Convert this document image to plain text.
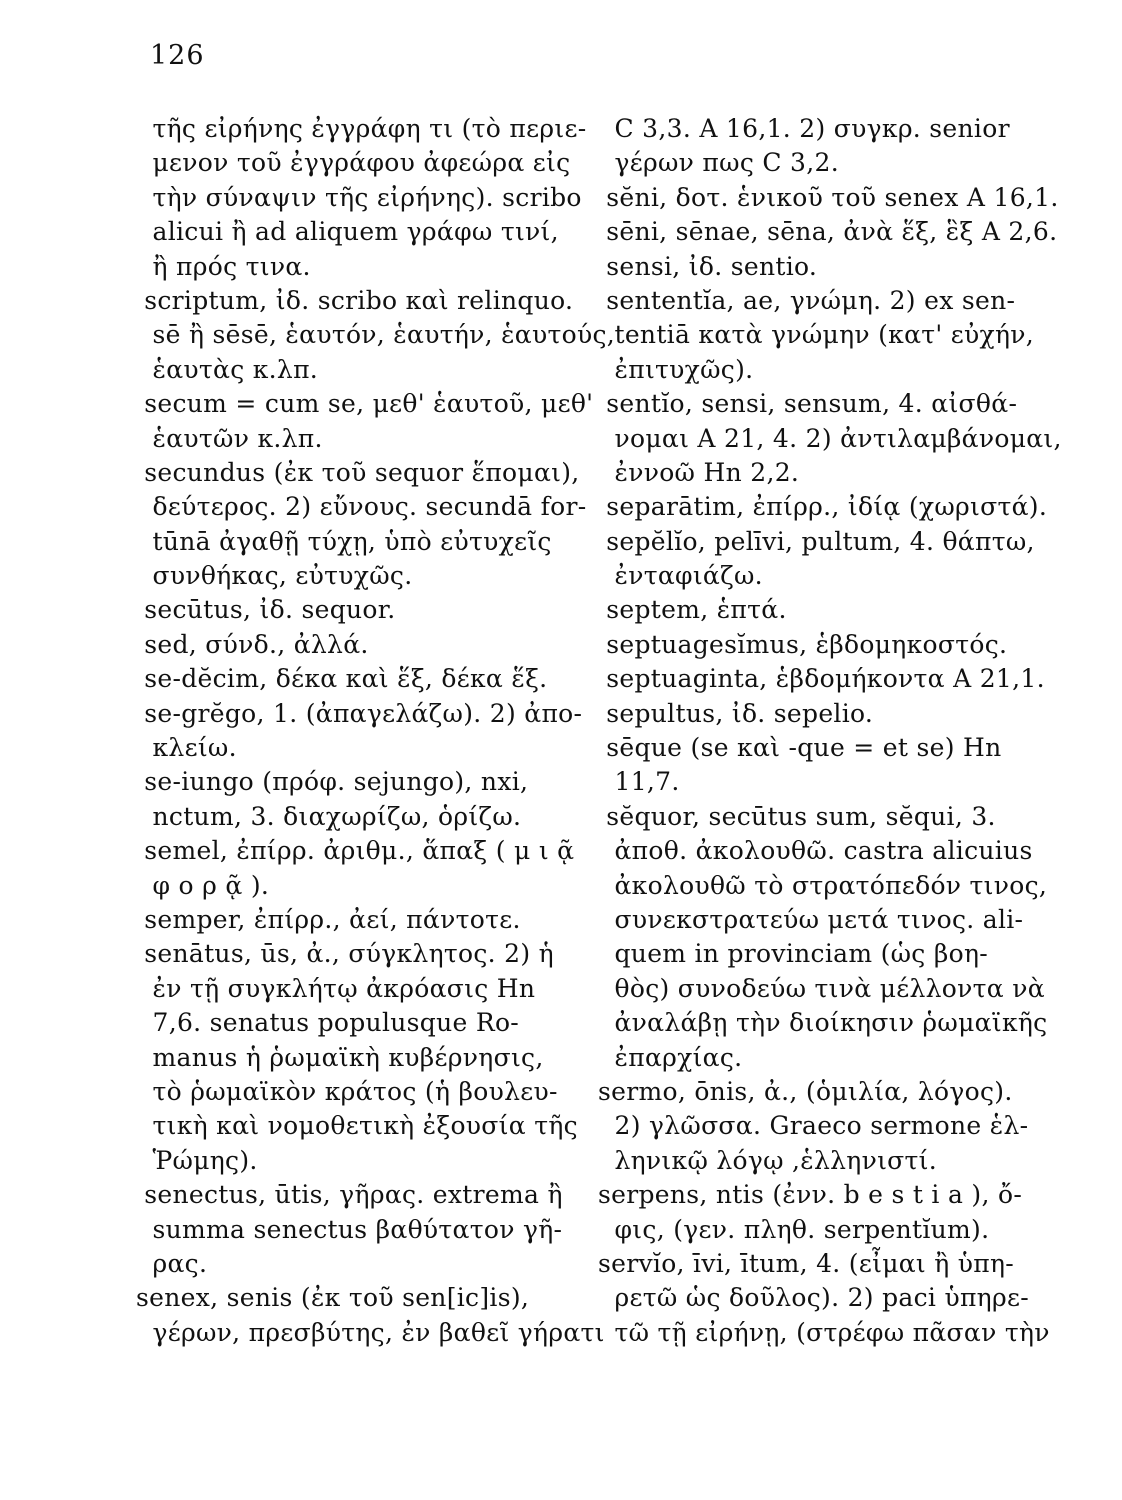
126
τῆς εἰρήνης ἐγγράφη τι (τὸ περιε-
μενον τοῦ ἐγγράφου ἀφεώρα εἰς
τὴν σύναψιν τῆς εἰρήνης). scribo
alicui ἢ ad aliquem γράφω τινί,
ἢ πρός τινα.
scriptum, ἰδ. scribo καὶ relinquo.
sē ἢ sēsē, ἑαυτόν, ἑαυτήν, ἑαυτούς,
ἑαυτὰς κ.λπ.
secum = cum se, μεθ' ἑαυτοῦ, μεθ'
ἑαυτῶν κ.λπ.
secundus (ἐκ τοῦ sequor ἕπομαι),
δεύτερος. 2) εὔνους. secundā for-
tūnā ἀγαθῇ τύχῃ, ὑπὸ εὐτυχεῖς
συνθήκας, εὐτυχῶς.
secūtus, ἰδ. sequor.
sed, σύνδ., ἀλλά.
se-dĕcim, δέκα καὶ ἕξ, δέκα ἕξ.
se-grĕgo, 1. (ἀπαγελάζω). 2) ἀπο-
κλείω.
se-iungo (πρόφ. sejungo), nxi,
nctum, 3. διαχωρίζω, ὁρίζω.
semel, ἐπίρρ. ἀριθμ., ἅπαξ ( μ ι ᾷ
φ ο ρ ᾷ ).
semper, ἐπίρρ., ἀεί, πάντοτε.
senātus, ūs, ἀ., σύγκλητος. 2) ἡ
ἐν τῇ συγκλήτῳ ἀκρόασις Hn
7,6. senatus populusque Ro-
manus ἡ ῥωμαϊκὴ κυβέρνησις,
τὸ ῥωμαϊκὸν κράτος (ἡ βουλευ-
τικὴ καὶ νομοθετικὴ ἐξουσία τῆς
Ῥώμης).
senectus, ūtis, γῆρας. extrema ἢ
summa senectus βαθύτατον γῆ-
ρας.
senex, senis (ἐκ τοῦ sen[ic]is),
γέρων, πρεσβύτης, ἐν βαθεῖ γήρατι
C 3,3. A 16,1. 2) συγκρ. senior
γέρων πως C 3,2.
sĕni, δοτ. ἑνικοῦ τοῦ senex A 16,1.
sēni, sēnae, sēna, ἀνὰ ἕξ, ἓξ A 2,6.
sensi, ἰδ. sentio.
sententĭa, ae, γνώμη. 2) ex sen-
tentiā κατὰ γνώμην (κατ' εὐχήν,
ἐπιτυχῶς).
sentĭo, sensi, sensum, 4. αἰσθά-
νομαι A 21, 4. 2) ἀντιλαμβάνομαι,
ἐννοῶ Hn 2,2.
separātim, ἐπίρρ., ἰδίᾳ (χωριστά).
sepĕlĭo, pelīvi, pultum, 4. θάπτω,
ἐνταφιάζω.
septem, ἑπτά.
septuagesĭmus, ἑβδομηκοστός.
septuaginta, ἑβδομήκοντα A 21,1.
sepultus, ἰδ. sepelio.
sēque (se καὶ -que = et se) Hn
11,7.
sĕquor, secūtus sum, sĕqui, 3.
ἀποθ. ἀκολουθῶ. castra alicuius
ἀκολουθῶ τὸ στρατόπεδόν τινος,
συνεκστρατεύω μετά τινος. ali-
quem in provinciam (ὡς βοη-
θὸς) συνοδεύω τινὰ μέλλοντα νὰ
ἀναλάβῃ τὴν διοίκησιν ῥωμαϊκῆς
ἐπαρχίας.
sermo, ōnis, ἀ., (ὁμιλία, λόγος).
2) γλῶσσα. Graeco sermone ἑλ-
ληνικῷ λόγῳ ,ἑλληνιστί.
serpens, ntis (ἐνν. b e s t i a ), ὄ-
φις, (γεν. πληθ. serpentĭum).
servĭo, īvi, ītum, 4. (εἶμαι ἢ ὑπη-
ρετῶ ὡς δοῦλος). 2) paci ὑπηρε-
τῶ τῇ εἰρήνῃ, (στρέφω πᾶσαν τὴν
